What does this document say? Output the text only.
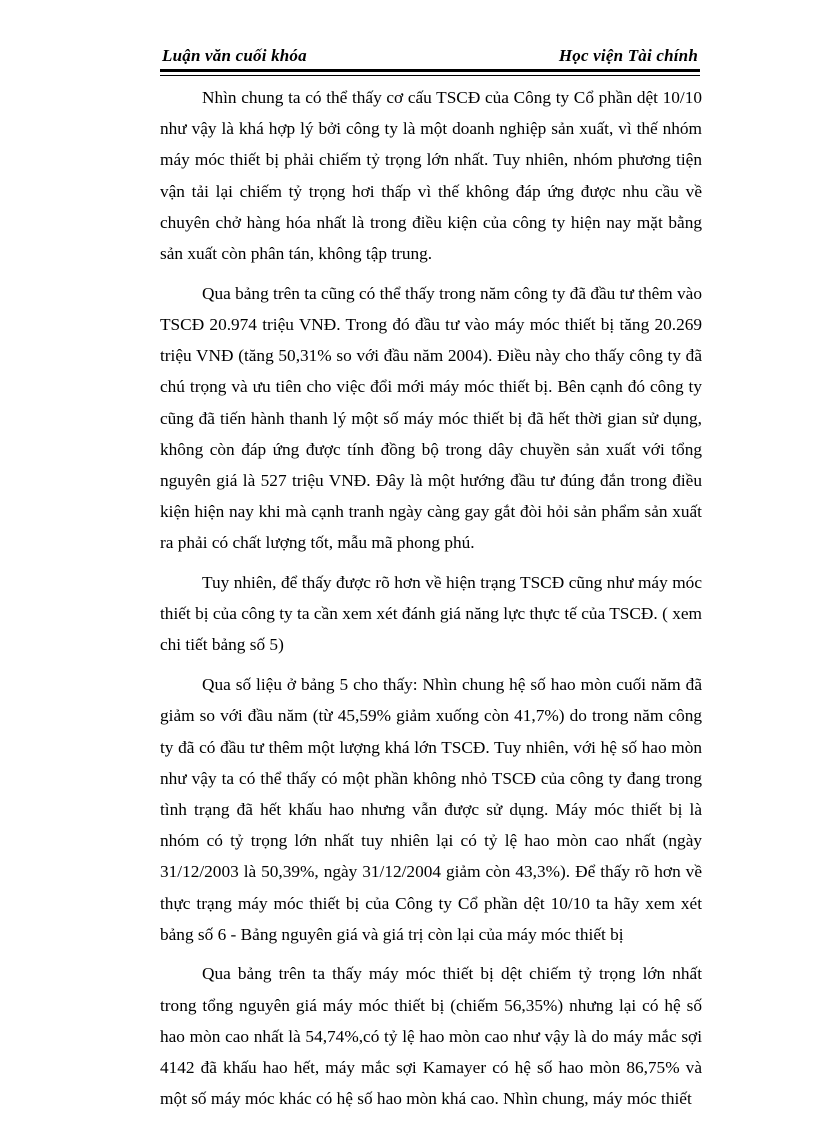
Luận văn cuối khóa	Học viện Tài chính

Nhìn chung ta có thể thấy cơ cấu TSCĐ của Công ty Cổ phần dệt 10/10 như vậy là khá hợp lý bởi công ty là một doanh nghiệp sản xuất, vì thế nhóm máy móc thiết bị phải chiếm tỷ trọng lớn nhất. Tuy nhiên, nhóm phương tiện vận tải lại chiếm tỷ trọng hơi thấp vì thế không đáp ứng được nhu cầu về chuyên chở hàng hóa nhất là trong điều kiện của công ty hiện nay mặt bằng sản xuất còn phân tán, không tập trung.

Qua bảng trên ta cũng có thể thấy trong năm công ty đã đầu tư thêm vào TSCĐ 20.974 triệu VNĐ. Trong đó đầu tư vào máy móc thiết bị tăng 20.269 triệu VNĐ (tăng 50,31% so với đầu năm 2004). Điều này cho thấy công ty đã chú trọng và ưu tiên cho việc đổi mới máy móc thiết bị. Bên cạnh đó công ty cũng đã tiến hành thanh lý một số máy móc thiết bị đã hết thời gian sử dụng, không còn đáp ứng được tính đồng bộ trong dây chuyền sản xuất với tổng nguyên giá là 527 triệu VNĐ. Đây là một hướng đầu tư đúng đắn trong điều kiện hiện nay khi mà cạnh tranh ngày càng gay gắt đòi hỏi sản phẩm sản xuất ra phải có chất lượng tốt, mẫu mã phong phú.

Tuy nhiên, để thấy được rõ hơn về hiện trạng TSCĐ cũng như máy móc thiết bị của công ty ta cần xem xét đánh giá năng lực thực tế của TSCĐ. ( xem chi tiết bảng số 5)

Qua số liệu ở bảng 5 cho thấy: Nhìn chung hệ số hao mòn cuối năm đã giảm so với đầu năm (từ 45,59% giảm xuống còn 41,7%) do trong năm công ty đã có đầu tư thêm một lượng khá lớn TSCĐ. Tuy nhiên, với hệ số hao mòn như vậy ta có thể thấy có một phần không nhỏ TSCĐ của công ty đang trong tình trạng đã hết khấu hao nhưng vẫn được sử dụng. Máy móc thiết bị là nhóm có tỷ trọng lớn nhất tuy nhiên lại có tỷ lệ hao mòn cao nhất (ngày 31/12/2003 là 50,39%, ngày 31/12/2004 giảm còn 43,3%). Để thấy rõ hơn về thực trạng máy móc thiết bị của Công ty Cổ phần dệt 10/10 ta hãy xem xét bảng số 6 - Bảng nguyên giá và giá trị còn lại của máy móc thiết bị

Qua bảng trên ta thấy máy móc thiết bị dệt chiếm tỷ trọng lớn nhất trong tổng nguyên giá máy móc thiết bị (chiếm 56,35%) nhưng lại có hệ số hao mòn cao nhất là 54,74%,có tỷ lệ hao mòn cao như vậy là do máy mắc sợi 4142 đã khấu hao hết, máy mắc sợi Kamayer có hệ số hao mòn 86,75% và một số máy móc khác có hệ số hao mòn khá cao. Nhìn chung, máy móc thiết
